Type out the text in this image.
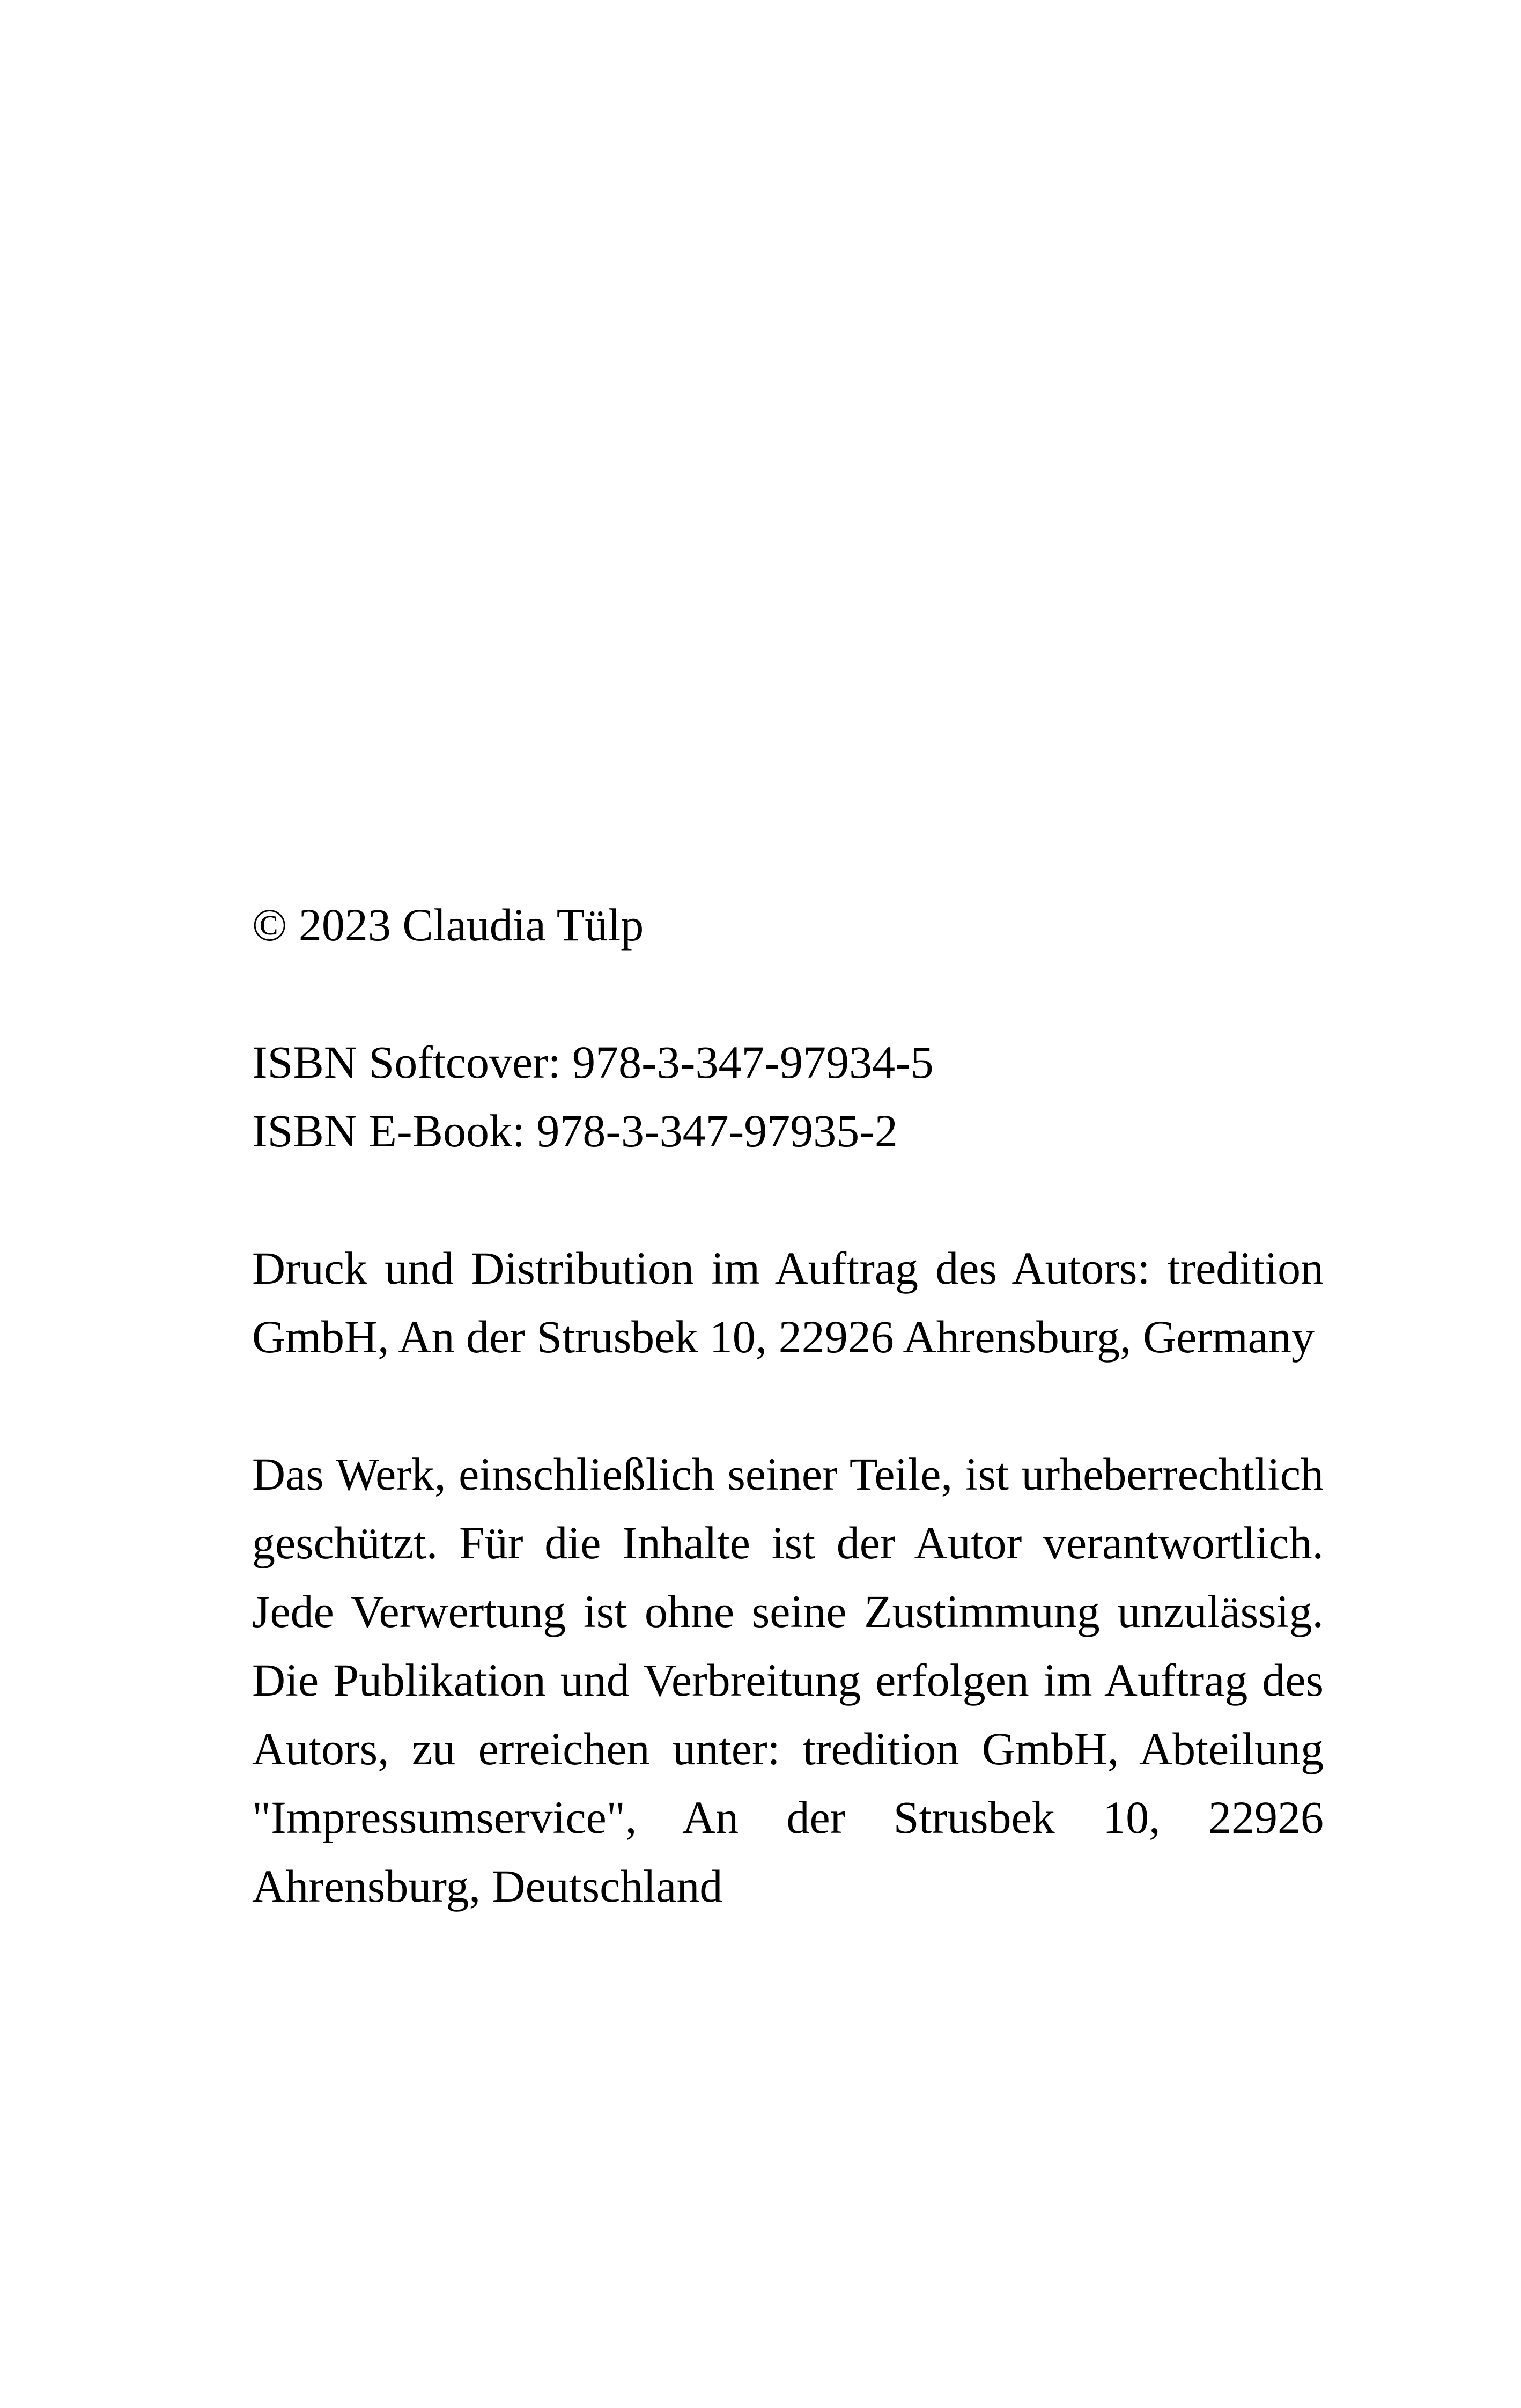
© 2023 Claudia Tülp

ISBN Softcover: 978-3-347-97934-5

ISBN E-Book: 978-3-347-97935-2

Druck und Distribution im Auftrag des Autors: tredition GmbH, An der Strusbek 10, 22926 Ahrensburg, Germany

Das Werk, einschließlich seiner Teile, ist urheberrechtlich geschützt. Für die Inhalte ist der Autor verantwortlich. Jede Verwertung ist ohne seine Zustimmung unzulässig. Die Publikation und Verbreitung erfolgen im Auftrag des Autors, zu erreichen unter: tredition GmbH, Abteilung "Impressumservice", An der Strusbek 10, 22926 Ahrensburg, Deutschland
